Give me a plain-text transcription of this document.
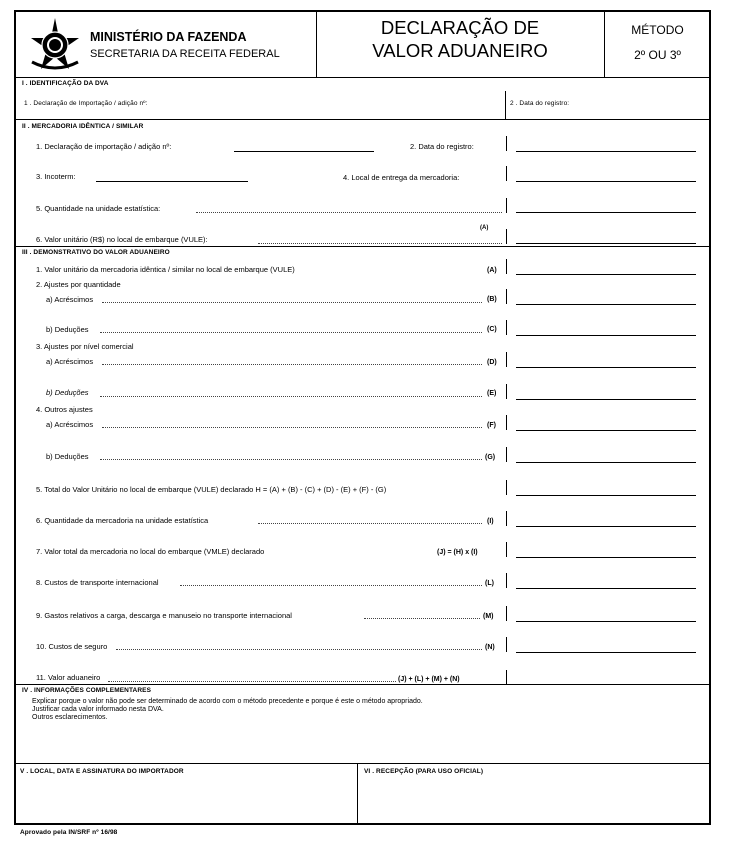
MINISTÉRIO DA FAZENDA
SECRETARIA DA RECEITA FEDERAL
DECLARAÇÃO DE
VALOR ADUANEIRO
MÉTODO
2º OU 3º
I . IDENTIFICAÇÃO DA DVA
1 . Declaração de Importação / adição nº:	2 . Data do registro:
II . MERCADORIA IDÊNTICA / SIMILAR
1. Declaração de importação / adição nº:	2. Data do registro:
3. Incoterm:	4. Local de entrega da mercadoria:
5. Quantidade na unidade estatística:
(A)
6. Valor unitário (R$) no local de embarque (VULE):
III . DEMONSTRATIVO DO VALOR ADUANEIRO
1. Valor unitário da mercadoria idêntica / similar no local de embarque (VULE)	(A)
2. Ajustes por quantidade
a) Acréscimos	(B)
b) Deduções	(C)
3. Ajustes por nível comercial
a) Acréscimos	(D)
b) Deduções	(E)
4. Outros ajustes
a) Acréscimos	(F)
b) Deduções	(G)
5. Total do Valor Unitário no local de embarque (VULE) declarado H = (A) + (B) - (C) + (D) - (E) + (F) - (G)
6. Quantidade da mercadoria na unidade estatística	(I)
7. Valor total da mercadoria no local do embarque (VMLE) declarado	(J) = (H) x (I)
8. Custos de transporte internacional	(L)
9. Gastos relativos a carga, descarga e manuseio no transporte internacional	(M)
10. Custos de seguro	(N)
11. Valor aduaneiro	(J) + (L) + (M) + (N)
IV . INFORMAÇÕES COMPLEMENTARES
Explicar porque o valor não pode ser determinado de acordo com o método precedente e porque é este o método apropriado.
Justificar cada valor informado nesta DVA.
Outros esclarecimentos.
V . LOCAL, DATA E ASSINATURA DO IMPORTADOR	VI . RECEPÇÃO (PARA USO OFICIAL)
Aprovado pela IN/SRF nº 16/98
